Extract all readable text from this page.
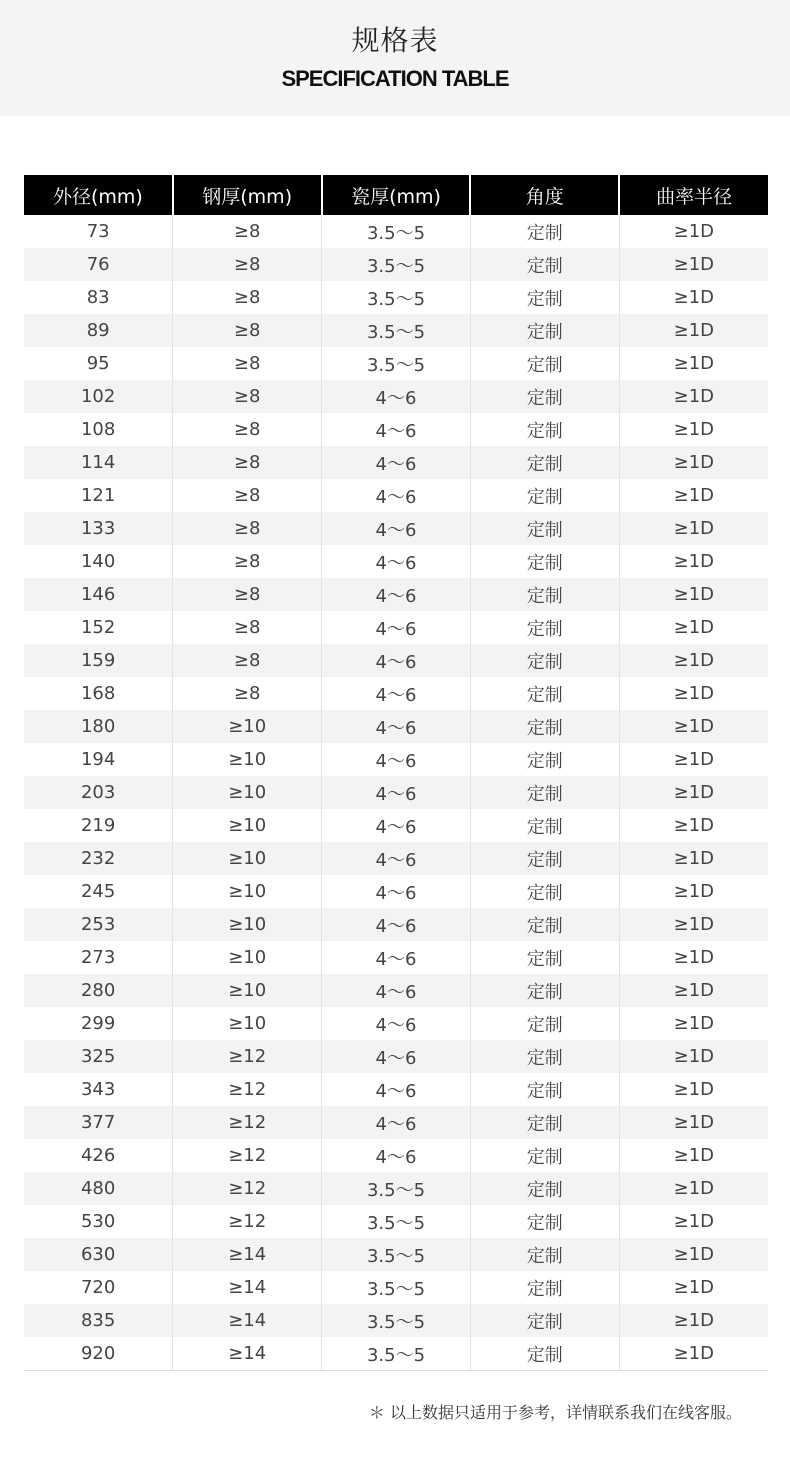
规格表
SPECIFICATION TABLE
外径(mm)	钢厚(mm)	瓷厚(mm)	角度	曲率半径
73	≥8	3.5～5	定制	≥1D
76	≥8	3.5～5	定制	≥1D
83	≥8	3.5～5	定制	≥1D
89	≥8	3.5～5	定制	≥1D
95	≥8	3.5～5	定制	≥1D
102	≥8	4～6	定制	≥1D
108	≥8	4～6	定制	≥1D
114	≥8	4～6	定制	≥1D
121	≥8	4～6	定制	≥1D
133	≥8	4～6	定制	≥1D
140	≥8	4～6	定制	≥1D
146	≥8	4～6	定制	≥1D
152	≥8	4～6	定制	≥1D
159	≥8	4～6	定制	≥1D
168	≥8	4～6	定制	≥1D
180	≥10	4～6	定制	≥1D
194	≥10	4～6	定制	≥1D
203	≥10	4～6	定制	≥1D
219	≥10	4～6	定制	≥1D
232	≥10	4～6	定制	≥1D
245	≥10	4～6	定制	≥1D
253	≥10	4～6	定制	≥1D
273	≥10	4～6	定制	≥1D
280	≥10	4～6	定制	≥1D
299	≥10	4～6	定制	≥1D
325	≥12	4～6	定制	≥1D
343	≥12	4～6	定制	≥1D
377	≥12	4～6	定制	≥1D
426	≥12	4～6	定制	≥1D
480	≥12	3.5～5	定制	≥1D
530	≥12	3.5～5	定制	≥1D
630	≥14	3.5～5	定制	≥1D
720	≥14	3.5～5	定制	≥1D
835	≥14	3.5～5	定制	≥1D
920	≥14	3.5～5	定制	≥1D
＊ 以上数据只适用于参考，详情联系我们在线客服。
